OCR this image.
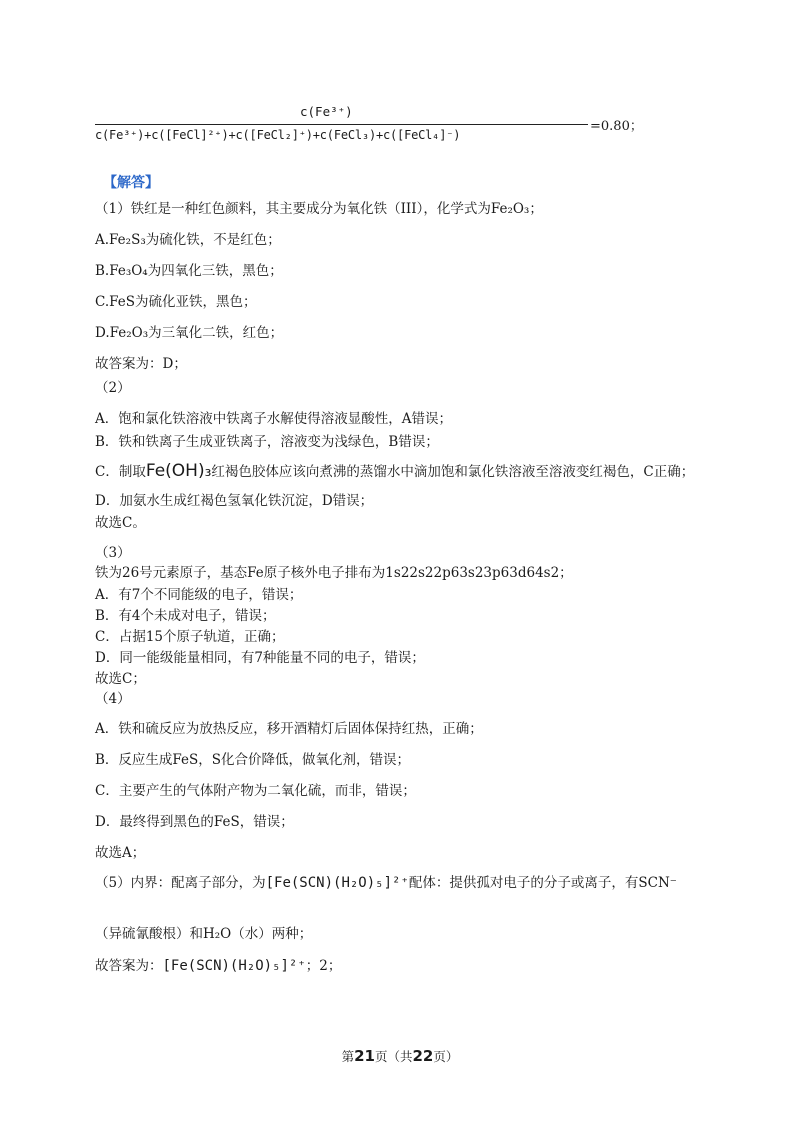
c(Fe³⁺)
c(Fe³⁺)+c([FeCl]²⁺)+c([FeCl₂]⁺)+c(FeCl₃)+c([FeCl₄]⁻)
=0.80；
【解答】
（1）铁红是一种红色颜料，其主要成分为氧化铁（III），化学式为Fe₂O₃；
A.Fe₂S₃为硫化铁，不是红色；
B.Fe₃O₄为四氧化三铁，黑色；
C.FeS为硫化亚铁，黑色；
D.Fe₂O₃为三氧化二铁，红色；
故答案为：D；
（2）
A．饱和氯化铁溶液中铁离子水解使得溶液显酸性，A错误；
B．铁和铁离子生成亚铁离子，溶液变为浅绿色，B错误；
C．制取Fe(OH)₃红褐色胶体应该向煮沸的蒸馏水中滴加饱和氯化铁溶液至溶液变红褐色，C正确；
D．加氨水生成红褐色氢氧化铁沉淀，D错误；
故选C。
（3）
铁为26号元素原子，基态Fe原子核外电子排布为1s22s22p63s23p63d64s2；
A．有7个不同能级的电子，错误；
B．有4个未成对电子，错误；
C．占据15个原子轨道，正确；
D．同一能级能量相同，有7种能量不同的电子，错误；
故选C；
（4）
A．铁和硫反应为放热反应，移开酒精灯后固体保持红热，正确；
B．反应生成FeS，S化合价降低，做氧化剂，错误；
C．主要产生的气体附产物为二氧化硫，而非，错误；
D．最终得到黑色的FeS，错误；
故选A；
（5）内界：配离子部分，为[Fe(SCN)(H₂O)₅]²⁺配体：提供孤对电子的分子或离子，有SCN⁻
（异硫氰酸根）和H₂O（水）两种；
故答案为：[Fe(SCN)(H₂O)₅]²⁺；2；
第21页（共22页）
